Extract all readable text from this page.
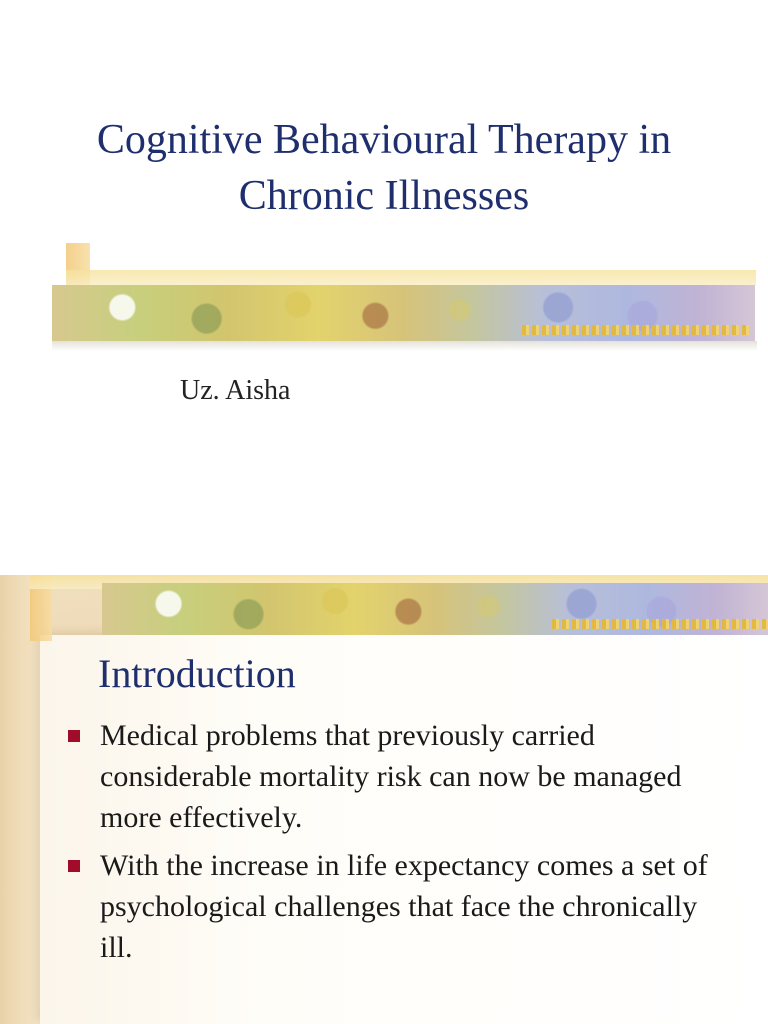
Cognitive Behavioural Therapy in
Chronic Illnesses
Uz. Aisha
Introduction
Medical problems that previously carried considerable mortality risk can now be managed more effectively.
With the increase in life expectancy comes a set of psychological challenges that face the chronically ill.
